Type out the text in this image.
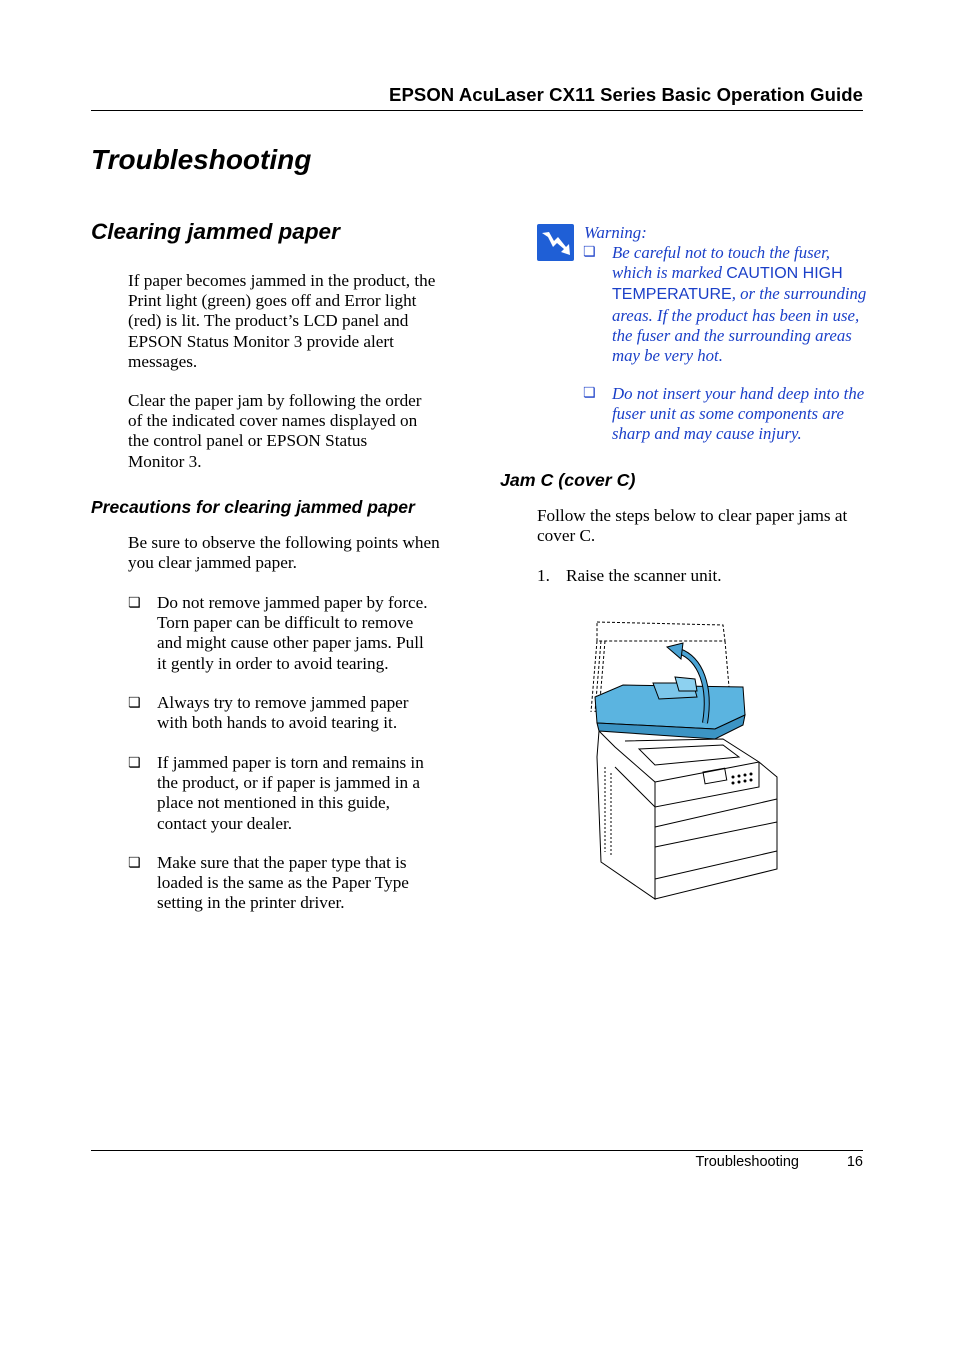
EPSON AcuLaser CX11 Series Basic Operation Guide
Troubleshooting
Clearing jammed paper
If paper becomes jammed in the product, the
Print light (green) goes off and Error light
(red) is lit. The product’s LCD panel and
EPSON Status Monitor 3 provide alert
messages.
Clear the paper jam by following the order
of the indicated cover names displayed on
the control panel or EPSON Status
Monitor 3.
Precautions for clearing jammed paper
Be sure to observe the following points when
you clear jammed paper.
❏ Do not remove jammed paper by force.
Torn paper can be difficult to remove
and might cause other paper jams. Pull
it gently in order to avoid tearing.
❏ Always try to remove jammed paper
with both hands to avoid tearing it.
❏ If jammed paper is torn and remains in
the product, or if paper is jammed in a
place not mentioned in this guide,
contact your dealer.
❏ Make sure that the paper type that is
loaded is the same as the Paper Type
setting in the printer driver.
Warning:
❏ Be careful not to touch the fuser,
which is marked CAUTION HIGH
TEMPERATURE, or the surrounding
areas. If the product has been in use,
the fuser and the surrounding areas
may be very hot.
❏ Do not insert your hand deep into the
fuser unit as some components are
sharp and may cause injury.
Jam C (cover C)
Follow the steps below to clear paper jams at
cover C.
1. Raise the scanner unit.
Troubleshooting	16
